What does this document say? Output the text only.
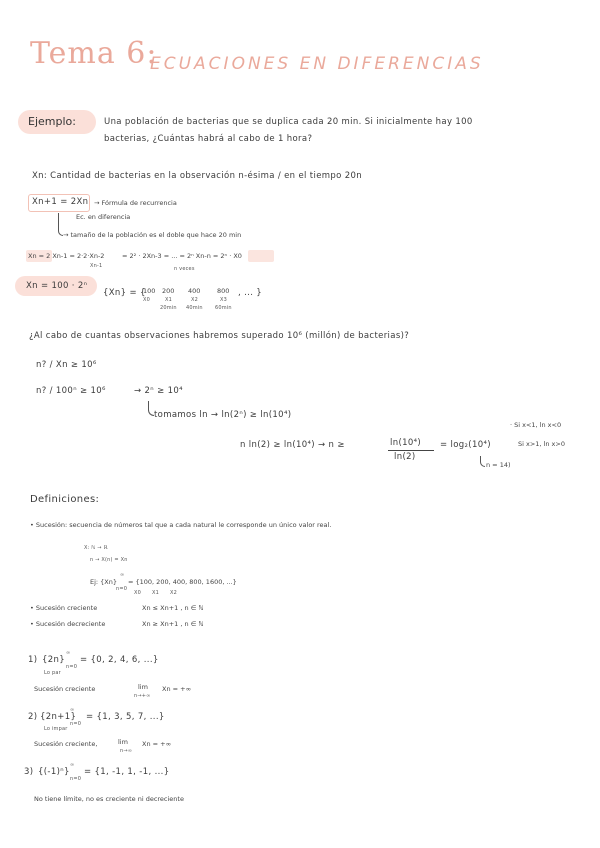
Tema 6:
ECUACIONES EN DIFERENCIAS
Ejemplo:	Una población de bacterias que se duplica cada 20 min. Si inicialmente hay 100
bacterias, ¿Cuántas habrá al cabo de 1 hora?
Xn: Cantidad de bacterias en la observación n-ésima / en el tiempo 20n
Xn+1 = 2Xn → Fórmula de recurrencia
Ec. en diferencia
→ tamaño de la población es el doble que hace 20 min
Xn = 2 Xn-1 = 2·2·Xn-2	= 2² · 2Xn-3 = ... = 2ⁿ Xn-n = 2ⁿ · X0
Xn-1	n veces
Xn = 100 · 2ⁿ
{Xn} = {
100 200 400	800
X0	X1	X2	X3
20min 40min 60min
, ... }
¿Al cabo de cuantas observaciones habremos superado 10⁶ (millón) de bacterias)?
n? / Xn ≥ 10⁶
n? / 100ⁿ ≥ 10⁶	→ 2ⁿ ≥ 10⁴
tomamos ln → ln(2ⁿ) ≥ ln(10⁴)
n ln(2) ≥ ln(10⁴) → n ≥	ln(10⁴)
ln(2)
= log₂(10⁴)
n = 14)
· Si x<1, ln x<0
Si x>1, ln x>0
Definiciones:
• Sucesión: secuencia de números tal que a cada natural le corresponde un único valor real.
X: ℕ → ℝ
n → X(n) = Xn
Ej: {Xn}
∞
n=0
= {100, 200, 400, 800, 1600, ...}
X0 X1 X2
• Sucesión creciente	Xn ≤ Xn+1 , n ∈ ℕ
• Sucesión decreciente	Xn ≥ Xn+1 , n ∈ ℕ
1) {2n}
∞
n=0
Lo par
= {0, 2, 4, 6, ...}
Sucesión creciente	lim
n→+∞
Xn = +∞
2) {2n+1}
∞
n=0
Lo impar
= {1, 3, 5, 7, ...}
Sucesión creciente,	lim
n→∞
Xn = +∞
3) {(-1)ⁿ}
∞
n=0
= {1, -1, 1, -1, ...}
No tiene límite, no es creciente ni decreciente
